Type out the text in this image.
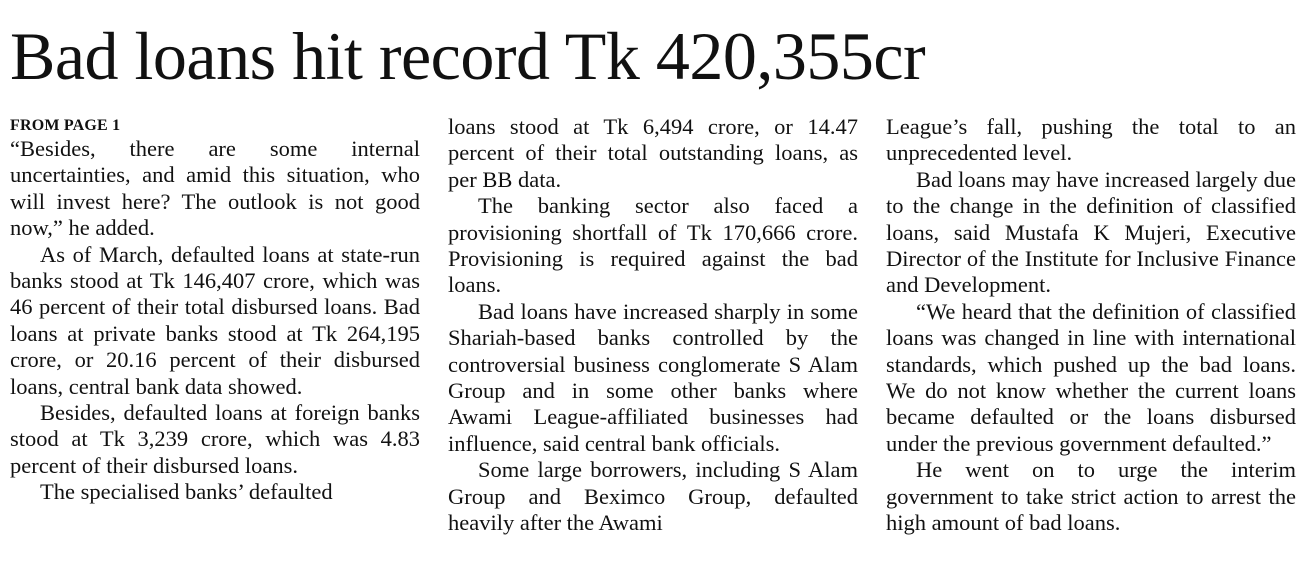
Bad loans hit record Tk 420,355cr

FROM PAGE 1

“Besides, there are some internal uncertainties, and amid this situation, who will invest here? The outlook is not good now,” he added.

As of March, defaulted loans at state-run banks stood at Tk 146,407 crore, which was 46 percent of their total disbursed loans. Bad loans at private banks stood at Tk 264,195 crore, or 20.16 percent of their disbursed loans, central bank data showed.

Besides, defaulted loans at foreign banks stood at Tk 3,239 crore, which was 4.83 percent of their disbursed loans.

The specialised banks’ defaulted

loans stood at Tk 6,494 crore, or 14.47 percent of their total outstanding loans, as per BB data.

The banking sector also faced a provisioning shortfall of Tk 170,666 crore. Provisioning is required against the bad loans.

Bad loans have increased sharply in some Shariah-based banks controlled by the controversial business conglomerate S Alam Group and in some other banks where Awami League-affiliated businesses had influence, said central bank officials.

Some large borrowers, including S Alam Group and Beximco Group, defaulted heavily after the Awami

League’s fall, pushing the total to an unprecedented level.

Bad loans may have increased largely due to the change in the definition of classified loans, said Mustafa K Mujeri, Executive Director of the Institute for Inclusive Finance and Development.

“We heard that the definition of classified loans was changed in line with international standards, which pushed up the bad loans. We do not know whether the current loans became defaulted or the loans disbursed under the previous government defaulted.”

He went on to urge the interim government to take strict action to arrest the high amount of bad loans.
